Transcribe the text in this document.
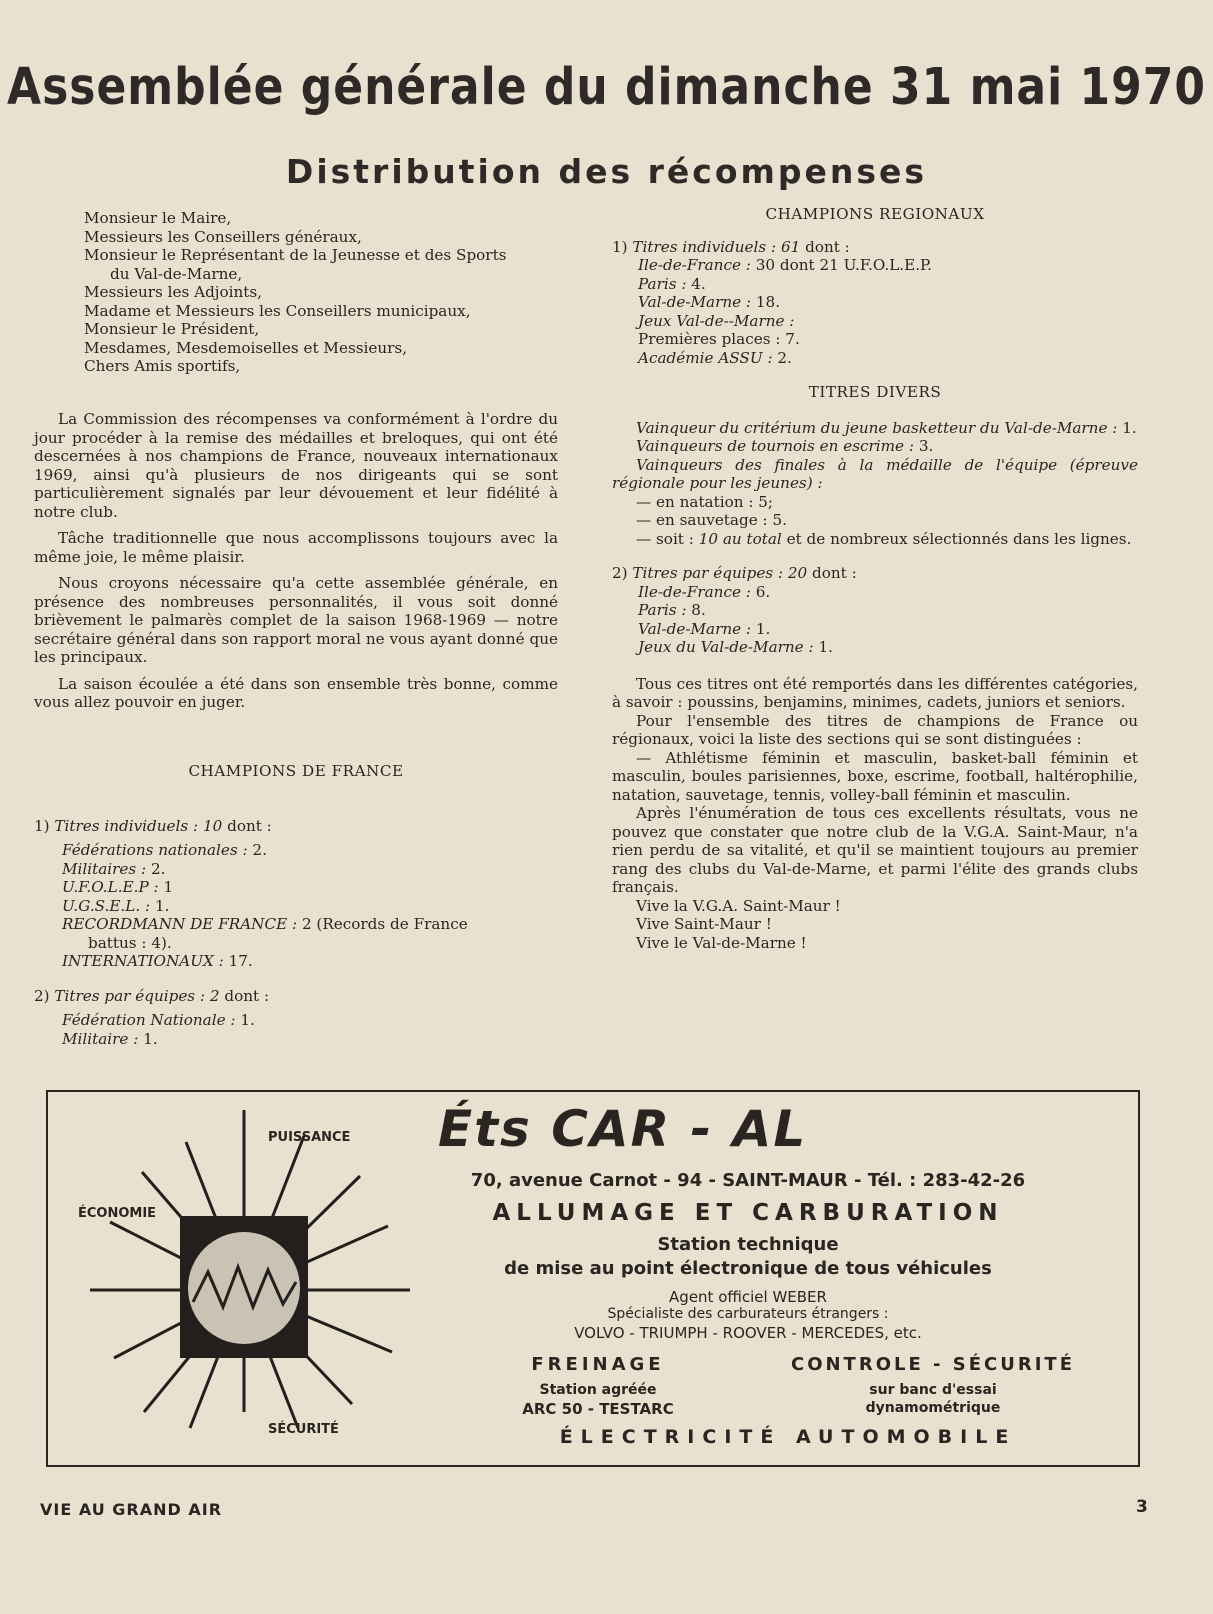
Assemblée générale du dimanche 31 mai 1970
Distribution des récompenses

Monsieur le Maire,

Messieurs les Conseillers généraux,

Monsieur le Représentant de la Jeunesse et des Sports

du Val-de-Marne,

Messieurs les Adjoints,

Madame et Messieurs les Conseillers municipaux,

Monsieur le Président,

Mesdames, Mesdemoiselles et Messieurs,

Chers Amis sportifs,

La Commission des récompenses va conformément à l'ordre du jour procéder à la remise des médailles et breloques, qui ont été descernées à nos champions de France, nouveaux internationaux 1969, ainsi qu'à plusieurs de nos dirigeants qui se sont particulièrement signalés par leur dévouement et leur fidélité à notre club.

Tâche traditionnelle que nous accomplissons toujours avec la même joie, le même plaisir.

Nous croyons nécessaire qu'a cette assemblée générale, en présence des nombreuses personnalités, il vous soit donné brièvement le palmarès complet de la saison 1968-1969 — notre secrétaire général dans son rapport moral ne vous ayant donné que les principaux.

La saison écoulée a été dans son ensemble très bonne, comme vous allez pouvoir en juger.

CHAMPIONS DE FRANCE

1) Titres individuels : 10 dont :

Fédérations nationales : 2.

Militaires : 2.

U.F.O.L.E.P : 1

U.G.S.E.L. : 1.

RECORDMANN DE FRANCE : 2 (Records de France

battus : 4).

INTERNATIONAUX : 17.

2) Titres par équipes : 2 dont :

Fédération Nationale : 1.

Militaire : 1.

CHAMPIONS REGIONAUX

1) Titres individuels : 61 dont :

Ile-de-France : 30 dont 21 U.F.O.L.E.P.

Paris : 4.

Val-de-Marne : 18.

Jeux Val-de--Marne :

Premières places : 7.

Académie ASSU : 2.

TITRES DIVERS

Vainqueur du critérium du jeune basketteur du Val-de-Marne : 1.

Vainqueurs de tournois en escrime : 3.

Vainqueurs des finales à la médaille de l'équipe (épreuve régionale pour les jeunes) :

— en natation : 5;

— en sauvetage : 5.

— soit : 10 au total et de nombreux sélectionnés dans les lignes.

2) Titres par équipes : 20 dont :

Ile-de-France : 6.

Paris : 8.

Val-de-Marne : 1.

Jeux du Val-de-Marne : 1.

Tous ces titres ont été remportés dans les différentes catégories, à savoir : poussins, benjamins, minimes, cadets, juniors et seniors.

Pour l'ensemble des titres de champions de France ou régionaux, voici la liste des sections qui se sont distinguées :

— Athlétisme féminin et masculin, basket-ball féminin et masculin, boules parisiennes, boxe, escrime, football, haltérophilie, natation, sauvetage, tennis, volley-ball féminin et masculin.

Après l'énumération de tous ces excellents résultats, vous ne pouvez que constater que notre club de la V.G.A. Saint-Maur, n'a rien perdu de sa vitalité, et qu'il se maintient toujours au premier rang des clubs du Val-de-Marne, et parmi l'élite des grands clubs français.

Vive la V.G.A. Saint-Maur !

Vive Saint-Maur !

Vive le Val-de-Marne !

PUISSANCE
ÉCONOMIE
SÉCURITÉ
Éts CAR - AL
70, avenue Carnot - 94 - SAINT-MAUR - Tél. : 283-42-26
ALLUMAGE ET CARBURATION
Station technique
de mise au point électronique de tous véhicules
Agent officiel WEBER
Spécialiste des carburateurs étrangers :
VOLVO - TRIUMPH - ROOVER - MERCEDES, etc.
FREINAGE
Station agréée
ARC 50 - TESTARC
CONTROLE - SÉCURITÉ
sur banc d'essai
dynamométrique
ÉLECTRICITÉ AUTOMOBILE
VIE AU GRAND AIR	3
